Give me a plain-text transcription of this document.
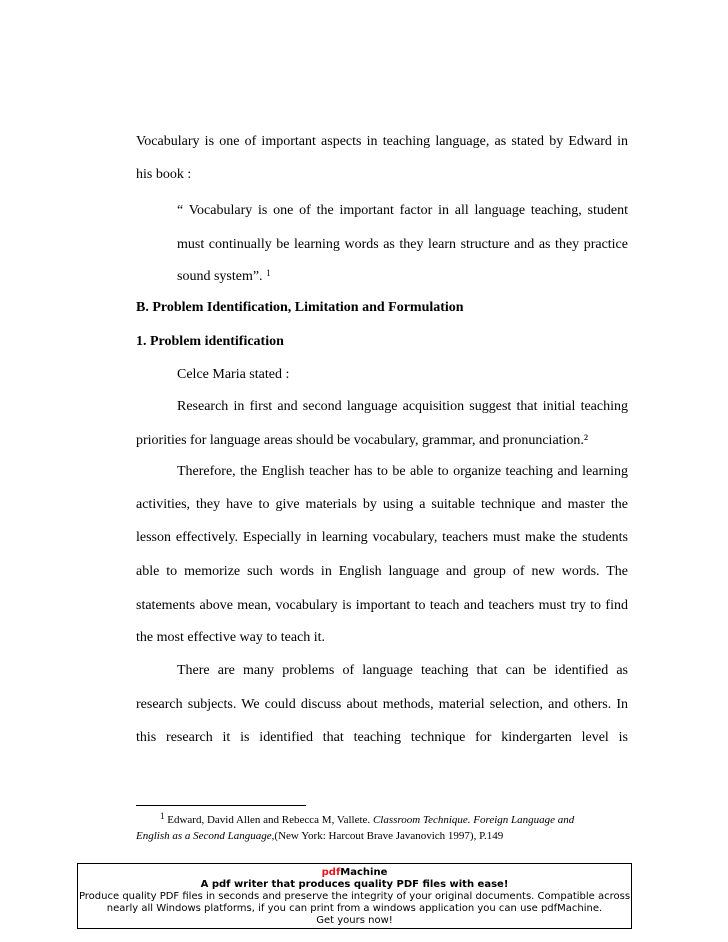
Vocabulary is one of important aspects in teaching language, as stated by Edward in
his book :
“ Vocabulary is one of the important factor in all language teaching, student
must continually be learning words as they learn structure and as they practice
sound system”. $^1$
B. Problem Identification, Limitation and Formulation
1. Problem identification
Celce Maria stated :
Research in first and second language acquisition suggest that initial teaching
priorities for language areas should be vocabulary, grammar, and pronunciation.²
Therefore, the English teacher has to be able to organize teaching and learning
activities, they have to give materials by using a suitable technique and master the
lesson effectively. Especially in learning vocabulary, teachers must make the students
able to memorize such words in English language and group of new words. The
statements above mean, vocabulary is important to teach and teachers must try to find
the most effective way to teach it.
There are many problems of language teaching that can be identified as
research subjects. We could discuss about methods, material selection, and others. In
this research it is identified that teaching technique for kindergarten level is
$^1$ Edward, David Allen and Rebecca M, Vallete. Classroom Technique. Foreign Language and
English as a Second Language,(New York: Harcout Brave Javanovich 1997), P.149
pdfMachine
A pdf writer that produces quality PDF files with ease!
Produce quality PDF files in seconds and preserve the integrity of your original documents. Compatible across
nearly all Windows platforms, if you can print from a windows application you can use pdfMachine.
Get yours now!
